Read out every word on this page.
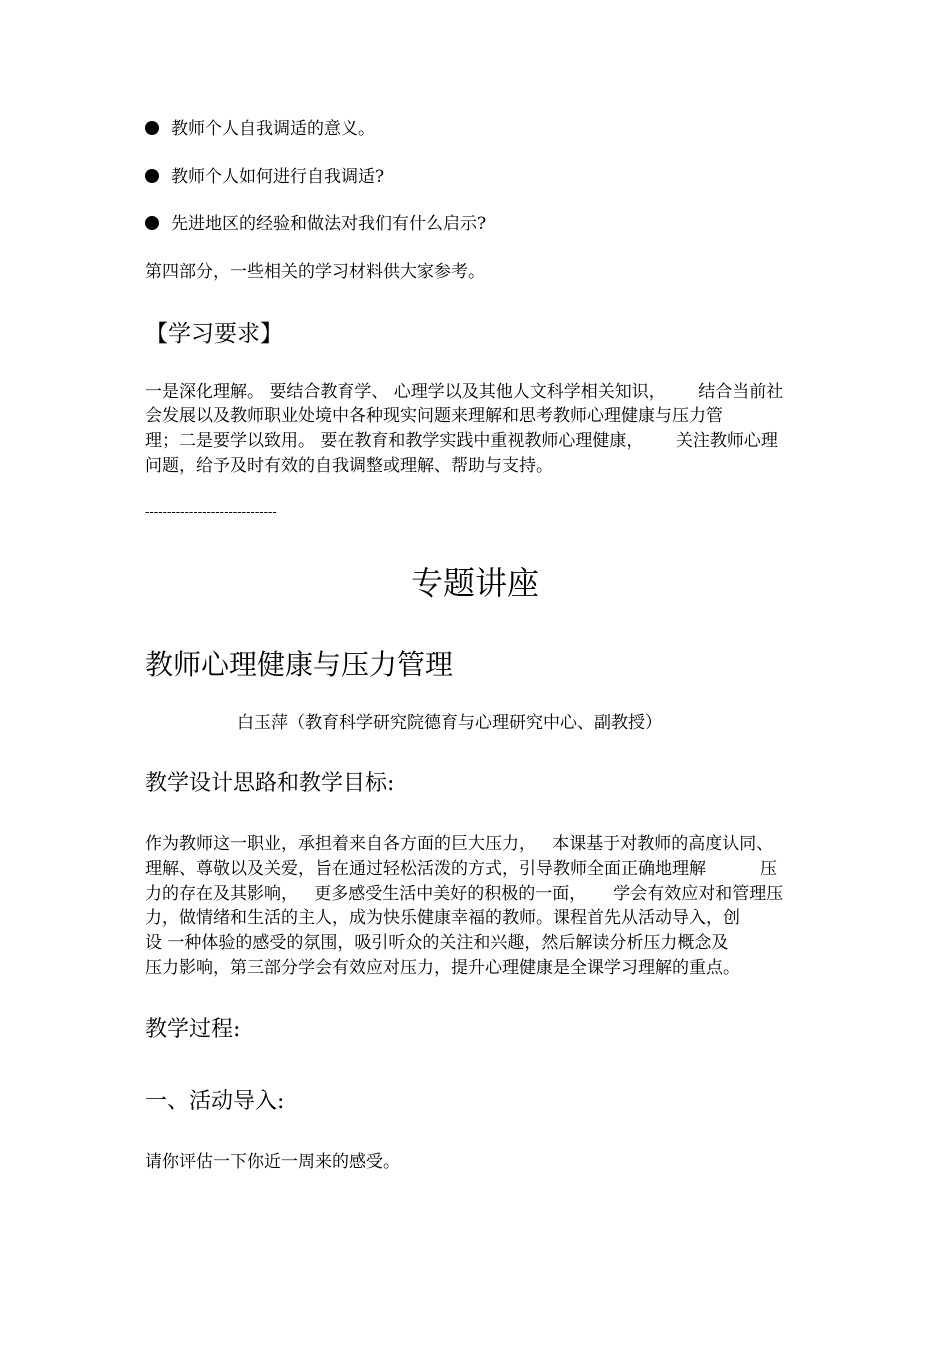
教师个人自我调适的意义。
教师个人如何进行自我调适?
先进地区的经验和做法对我们有什么启示?
第四部分，一些相关的学习材料供大家参考。
【学习要求】
一是深化理解。 要结合教育学、 心理学以及其他人文科学相关知识，      结合当前社
会发展以及教师职业处境中各种现实问题来理解和思考教师心理健康与压力管
理；二是要学以致用。 要在教育和教学实践中重视教师心理健康，      关注教师心理
问题，给予及时有效的自我调整或理解、帮助与支持。
------------------------------
专题讲座
教师心理健康与压力管理
白玉萍（教育科学研究院德育与心理研究中心、副教授）
教学设计思路和教学目标:
作为教师这一职业，承担着来自各方面的巨大压力，   本课基于对教师的高度认同、
理解、尊敬以及关爱，旨在通过轻松活泼的方式，引导教师全面正确地理解          压
力的存在及其影响，   更多感受生活中美好的积极的一面，     学会有效应对和管理压
力，做情绪和生活的主人，成为快乐健康幸福的教师。课程首先从活动导入，创
设 一种体验的感受的氛围，吸引听众的关注和兴趣，然后解读分析压力概念及
压力影响，第三部分学会有效应对压力，提升心理健康是全课学习理解的重点。
教学过程:
一、活动导入:
请你评估一下你近一周来的感受。
